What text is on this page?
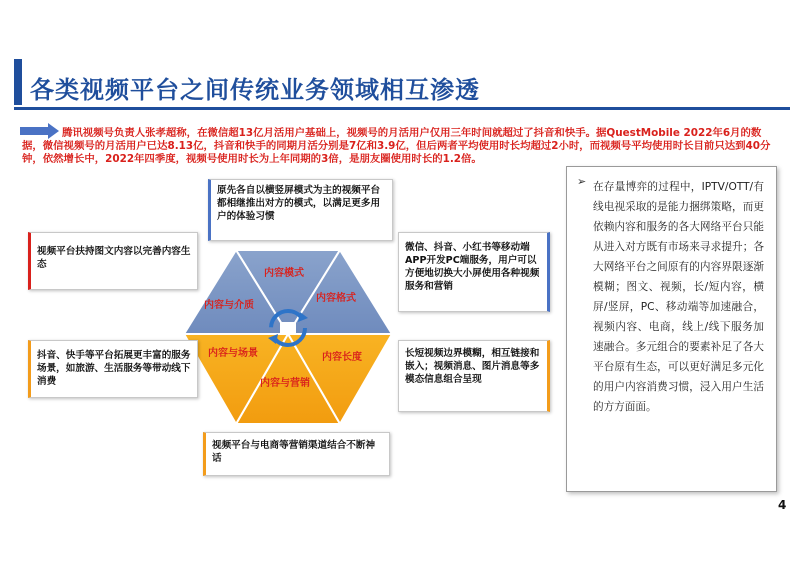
各类视频平台之间传统业务领域相互渗透
腾讯视频号负责人张孝超称，在微信超13亿月活用户基础上，视频号的月活用户仅用三年时间就超过了抖音和快手。据QuestMobile 2022年6月的数据，微信视频号的月活用户已达8.13亿，抖音和快手的同期月活分别是7亿和3.9亿，但后两者平均使用时长均超过2小时，而视频号平均使用时长目前只达到40分钟，依然增长中，2022年四季度，视频号使用时长为上年同期的3倍，是朋友圈使用时长的1.2倍。
内容模式
内容格式
内容长度
内容与营销
内容与场景
内容与介质
原先各自以横竖屏模式为主的视频平台都相继推出对方的模式，以满足更多用户的体验习惯
视频平台扶持图文内容以完善内容生态
微信、抖音、小红书等移动端APP开发PC端服务，用户可以方便地切换大小屏使用各种视频服务和营销
抖音、快手等平台拓展更丰富的服务场景，如旅游、生活服务等带动线下消费
长短视频边界模糊，相互链接和嵌入；视频消息、图片消息等多模态信息组合呈现
视频平台与电商等营销渠道结合不断神话
➢ 在存量博弈的过程中，IPTV/OTT/有线电视采取的是能力捆绑策略，而更依赖内容和服务的各大网络平台只能从进入对方既有市场来寻求提升；各大网络平台之间原有的内容界限逐渐模糊；图文、视频，长/短内容，横屏/竖屏，PC、移动端等加速融合，视频内容、电商，线上/线下服务加速融合。多元组合的要素补足了各大平台原有生态，可以更好满足多元化的用户内容消费习惯，浸入用户生活的方方面面。
4
